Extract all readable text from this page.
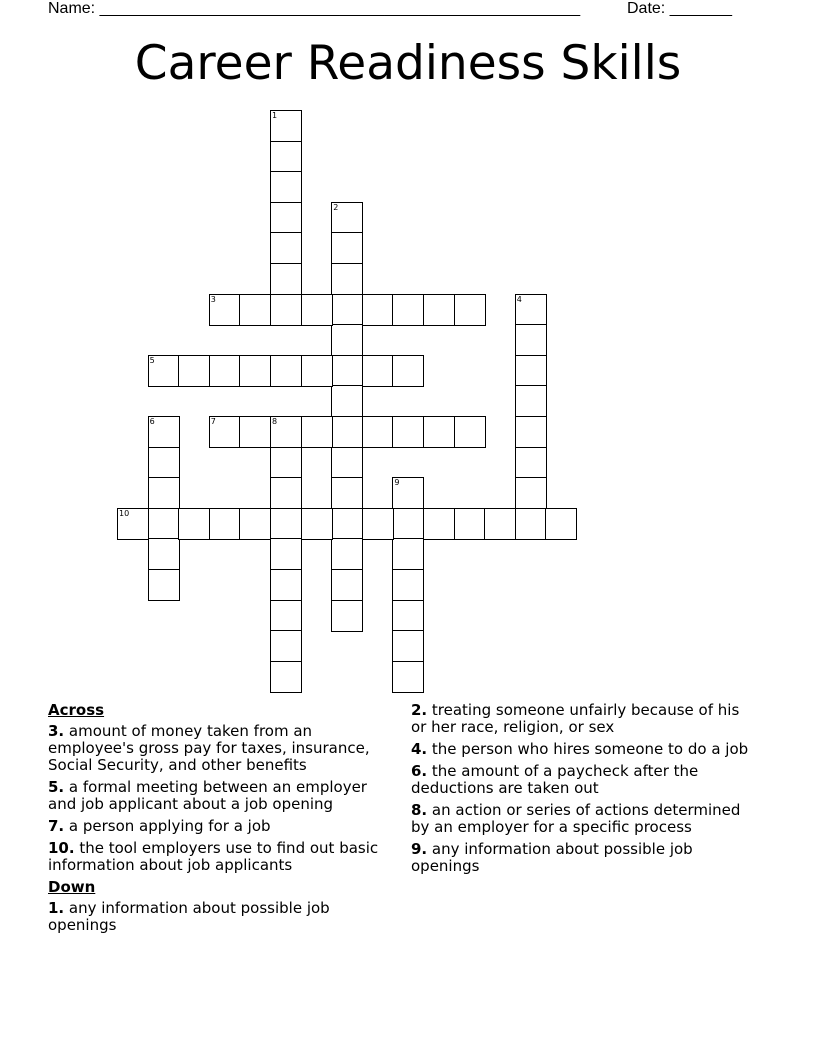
Name: ______________________________________________________	Date: _______
Career Readiness Skills
1
2
3	4
5
6	7	8
9
10
Across
3. amount of money taken from an employee's gross pay for taxes, insurance, Social Security, and other benefits
5. a formal meeting between an employer and job applicant about a job opening
7. a person applying for a job
10. the tool employers use to find out basic information about job applicants
Down
1. any information about possible job openings
2. treating someone unfairly because of his or her race, religion, or sex
4. the person who hires someone to do a job
6. the amount of a paycheck after the deductions are taken out
8. an action or series of actions determined by an employer for a specific process
9. any information about possible job openings
